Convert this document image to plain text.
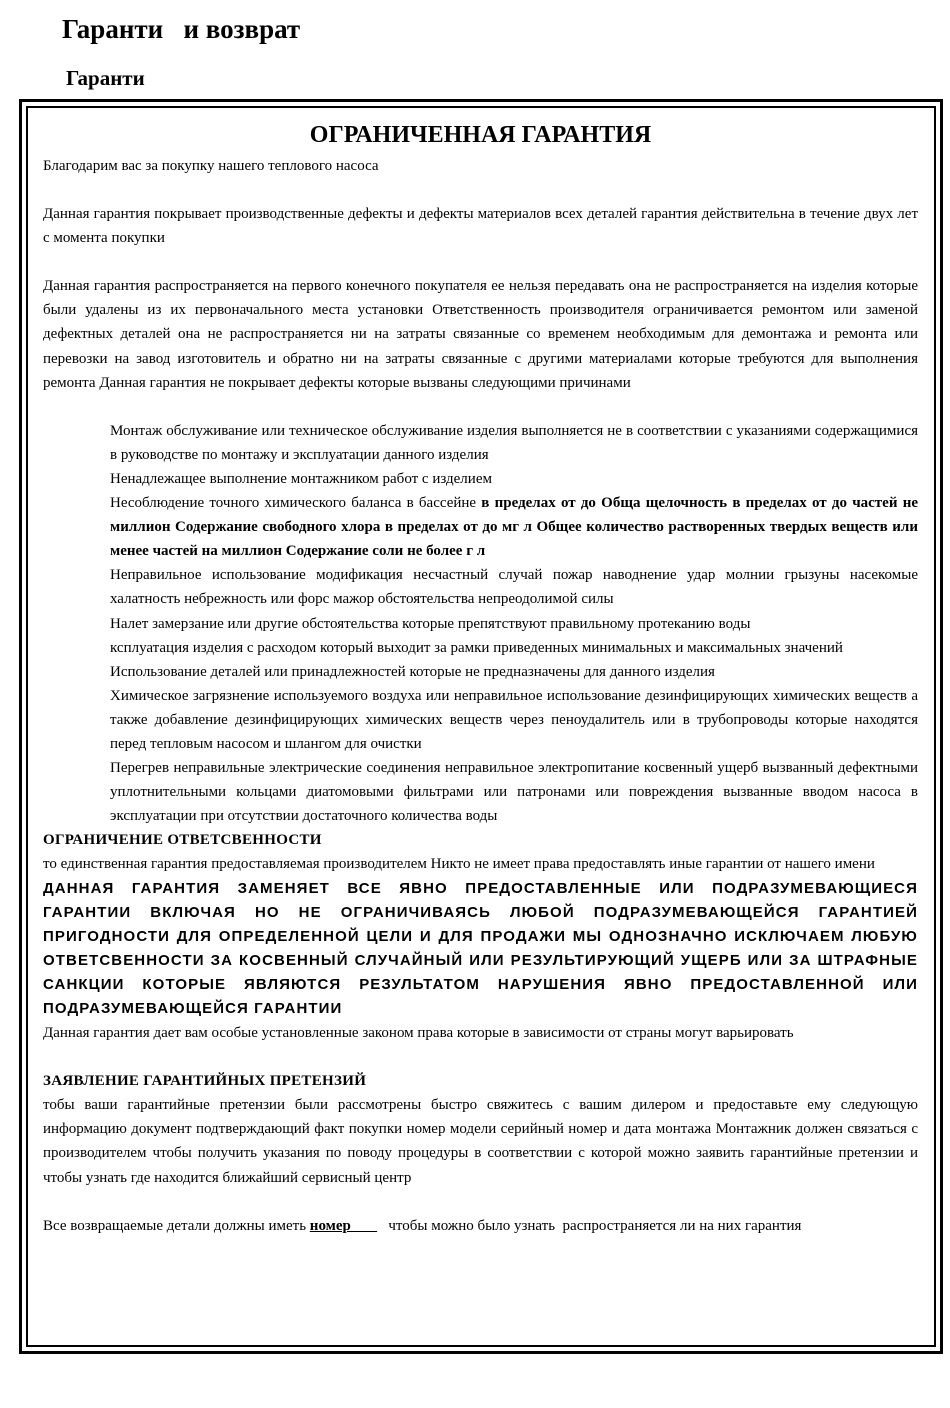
Гаранти   и возврат
Гаранти
ОГРАНИЧЕННАЯ ГАРАНТИЯ

Благодарим вас за покупку нашего теплового насоса

Данная гарантия покрывает производственные дефекты и дефекты материалов всех деталей гарантия действительна в течение двух лет с момента покупки

Данная гарантия распространяется на первого конечного покупателя ее нельзя передавать она не распространяется на изделия которые были удалены из их первоначального места установки Ответственность производителя ограничивается ремонтом или заменой дефектных деталей она не распространяется ни на затраты связанные со временем необходимым для демонтажа и ремонта или перевозки на завод изготовитель и обратно ни на затраты связанные с другими материалами которые требуются для выполнения ремонта Данная гарантия не покрывает дефекты которые вызваны следующими причинами

Монтаж обслуживание или техническое обслуживание изделия выполняется не в соответствии с указаниями содержащимися в руководстве по монтажу и эксплуатации данного изделия

Ненадлежащее выполнение монтажником работ с изделием

Несоблюдение точного химического баланса в бассейне в пределах от до Обща щелочность в пределах от до частей не миллион Содержание свободного хлора в пределах от до мг л Общее количество растворенных твердых веществ или менее частей на миллион Содержание соли не более г л

Неправильное использование модификация несчастный случай пожар наводнение удар молнии грызуны насекомые халатность небрежность или форс мажор обстоятельства непреодолимой силы

Налет замерзание или другие обстоятельства которые препятствуют правильному протеканию воды

ксплуатация изделия с расходом который выходит за рамки приведенных минимальных и максимальных значений

Использование деталей или принадлежностей которые не предназначены для данного изделия

Химическое загрязнение используемого воздуха или неправильное использование дезинфицирующих химических веществ а также добавление дезинфицирующих химических веществ через пеноудалитель или в трубопроводы которые находятся перед тепловым насосом и шлангом для очистки

Перегрев неправильные электрические соединения неправильное электропитание косвенный ущерб вызванный дефектными уплотнительными кольцами диатомовыми фильтрами или патронами или повреждения вызванные вводом насоса в эксплуатации при отсутствии достаточного количества воды

ОГРАНИЧЕНИЕ ОТВЕТСВЕННОСТИ

то единственная гарантия предоставляемая производителем Никто не имеет права предоставлять иные гарантии от нашего имени

ДАННАЯ ГАРАНТИЯ ЗАМЕНЯЕТ ВСЕ ЯВНО ПРЕДОСТАВЛЕННЫЕ ИЛИ ПОДРАЗУМЕВАЮЩИЕСЯ ГАРАНТИИ ВКЛЮЧАЯ НО НЕ ОГРАНИЧИВАЯСЬ ЛЮБОЙ ПОДРАЗУМЕВАЮЩЕЙСЯ ГАРАНТИЕЙ ПРИГОДНОСТИ ДЛЯ ОПРЕДЕЛЕННОЙ ЦЕЛИ И ДЛЯ ПРОДАЖИ МЫ ОДНОЗНАЧНО ИСКЛЮЧАЕМ ЛЮБУЮ ОТВЕТСВЕННОСТИ ЗА КОСВЕННЫЙ СЛУЧАЙНЫЙ ИЛИ РЕЗУЛЬТИРУЮЩИЙ УЩЕРБ ИЛИ ЗА ШТРАФНЫЕ САНКЦИИ КОТОРЫЕ ЯВЛЯЮТСЯ РЕЗУЛЬТАТОМ НАРУШЕНИЯ ЯВНО ПРЕДОСТАВЛЕННОЙ ИЛИ ПОДРАЗУМЕВАЮЩЕЙСЯ ГАРАНТИИ

Данная гарантия дает вам особые установленные законом права которые в зависимости от страны могут варьировать

ЗАЯВЛЕНИЕ ГАРАНТИЙНЫХ ПРЕТЕНЗИЙ

тобы ваши гарантийные претензии были рассмотрены быстро свяжитесь с вашим дилером и предоставьте ему следующую информацию документ подтверждающий факт покупки номер модели серийный номер и дата монтажа Монтажник должен связаться с производителем чтобы получить указания по поводу процедуры в соответствии с которой можно заявить гарантийные претензии и чтобы узнать где находится ближайший сервисный центр

Все возвращаемые детали должны иметь номер          чтобы можно было узнать  распространяется ли на них гарантия
